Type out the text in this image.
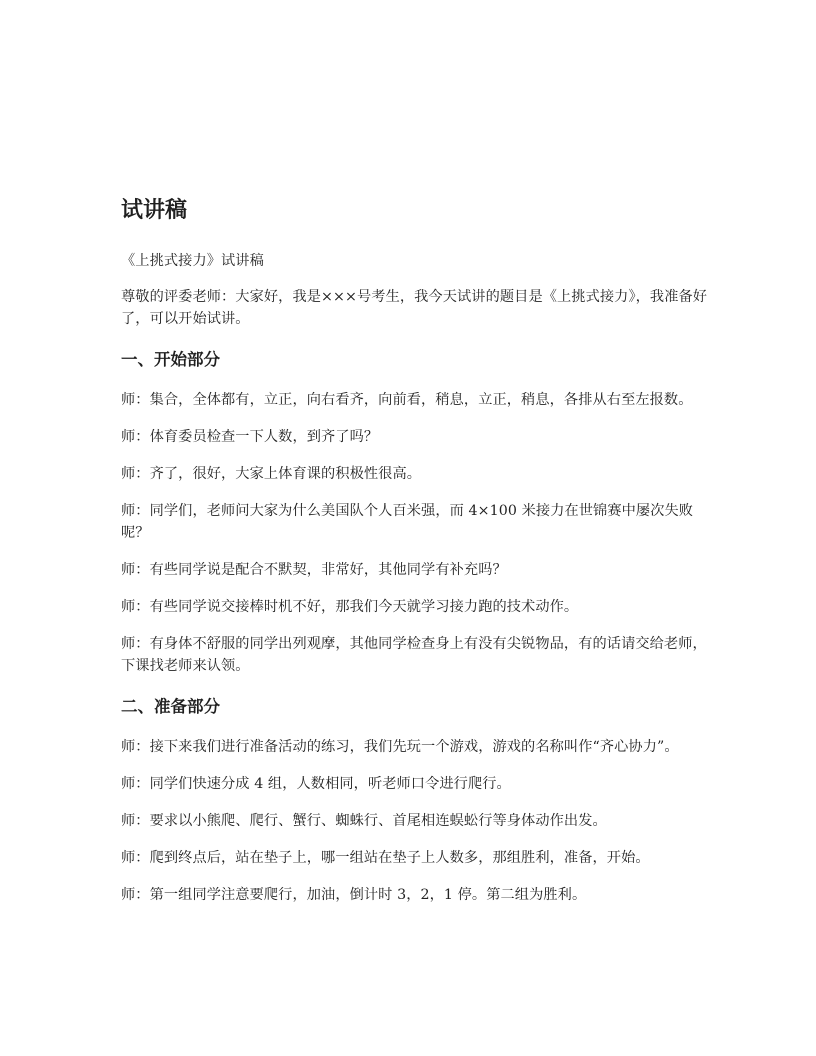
试讲稿

《上挑式接力》试讲稿

尊敬的评委老师：大家好，我是×××号考生，我今天试讲的题目是《上挑式接力》，我准备好了，可以开始试讲。

一、开始部分

师：集合，全体都有，立正，向右看齐，向前看，稍息，立正，稍息，各排从右至左报数。

师：体育委员检查一下人数，到齐了吗？

师：齐了，很好，大家上体育课的积极性很高。

师：同学们，老师问大家为什么美国队个人百米强，而 4×100 米接力在世锦赛中屡次失败呢？

师：有些同学说是配合不默契，非常好，其他同学有补充吗？

师：有些同学说交接棒时机不好，那我们今天就学习接力跑的技术动作。

师：有身体不舒服的同学出列观摩，其他同学检查身上有没有尖锐物品，有的话请交给老师，下课找老师来认领。

二、准备部分

师：接下来我们进行准备活动的练习，我们先玩一个游戏，游戏的名称叫作“齐心协力”。

师：同学们快速分成 4 组，人数相同，听老师口令进行爬行。

师：要求以小熊爬、爬行、蟹行、蜘蛛行、首尾相连蜈蚣行等身体动作出发。

师：爬到终点后，站在垫子上，哪一组站在垫子上人数多，那组胜利，准备，开始。

师：第一组同学注意要爬行，加油，倒计时 3，2，1 停。第二组为胜利。
